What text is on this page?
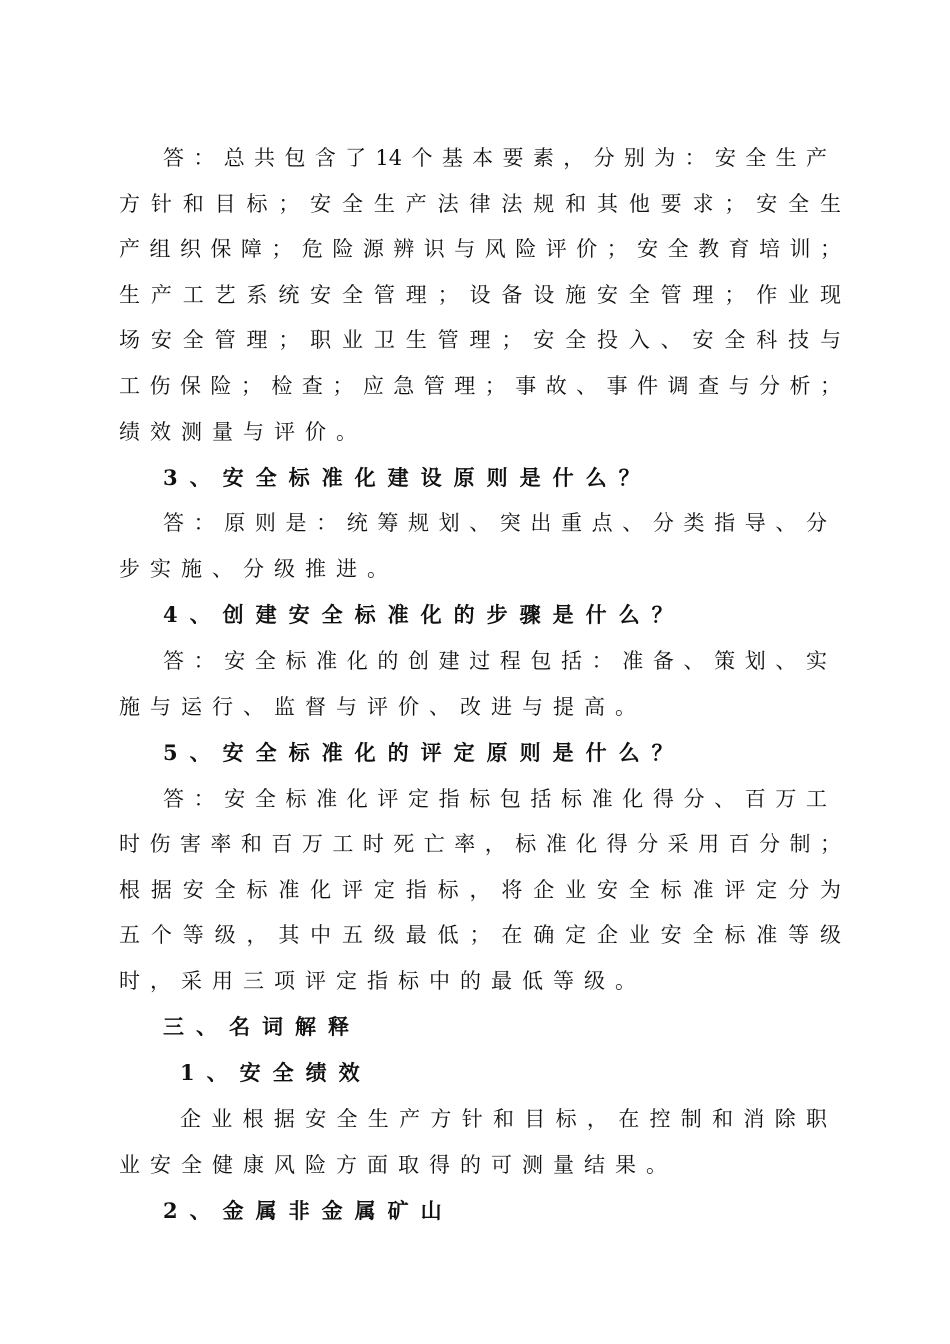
答：总共包含了14个基本要素，分别为：安全生产
方针和目标；安全生产法律法规和其他要求；安全生
产组织保障；危险源辨识与风险评价；安全教育培训；
生产工艺系统安全管理；设备设施安全管理；作业现
场安全管理；职业卫生管理；安全投入、安全科技与
工伤保险；检查；应急管理；事故、事件调查与分析；
绩效测量与评价。
3、安全标准化建设原则是什么？
答：原则是：统筹规划、突出重点、分类指导、分
步实施、分级推进。
4、创建安全标准化的步骤是什么？
答：安全标准化的创建过程包括：准备、策划、实
施与运行、监督与评价、改进与提高。
5、安全标准化的评定原则是什么？
答：安全标准化评定指标包括标准化得分、百万工
时伤害率和百万工时死亡率，标准化得分采用百分制；
根据安全标准化评定指标，将企业安全标准评定分为
五个等级，其中五级最低；在确定企业安全标准等级
时，采用三项评定指标中的最低等级。
三、名词解释
1、安全绩效
企业根据安全生产方针和目标，在控制和消除职
业安全健康风险方面取得的可测量结果。
2、金属非金属矿山
